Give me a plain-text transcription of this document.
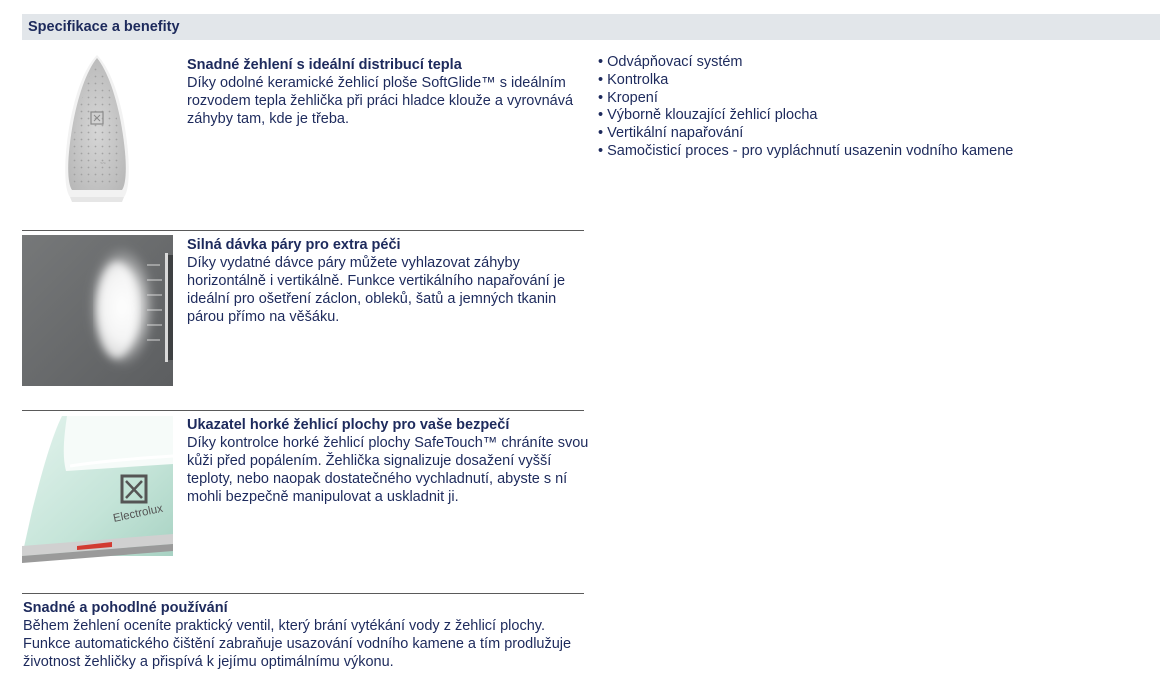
Specifikace a benefity
~~
Snadné žehlení s ideální distribucí tepla
Díky odolné keramické žehlicí ploše SoftGlide™ s ideálním rozvodem tepla žehlička při práci hladce klouže a vyrovnává záhyby tam, kde je třeba.
Silná dávka páry pro extra péči
Díky vydatné dávce páry můžete vyhlazovat záhyby horizontálně i vertikálně. Funkce vertikálního napařování je ideální pro ošetření záclon, obleků, šatů a jemných tkanin párou přímo na věšáku.
Electrolux
Ukazatel horké žehlicí plochy pro vaše bezpečí
Díky kontrolce horké žehlicí plochy SafeTouch™ chráníte svou kůži před popálením. Žehlička signalizuje dosažení vyšší teploty, nebo naopak dostatečného vychladnutí, abyste s ní mohli bezpečně manipulovat a uskladnit ji.
Snadné a pohodlné používání
Během žehlení oceníte praktický ventil, který brání vytékání vody z žehlicí plochy. Funkce automatického čištění zabraňuje usazování vodního kamene a tím prodlužuje životnost žehličky a přispívá k jejímu optimálnímu výkonu.
• Odvápňovací systém
• Kontrolka
• Kropení
• Výborně klouzající žehlicí plocha
• Vertikální napařování
• Samočisticí proces - pro vypláchnutí usazenin vodního kamene
